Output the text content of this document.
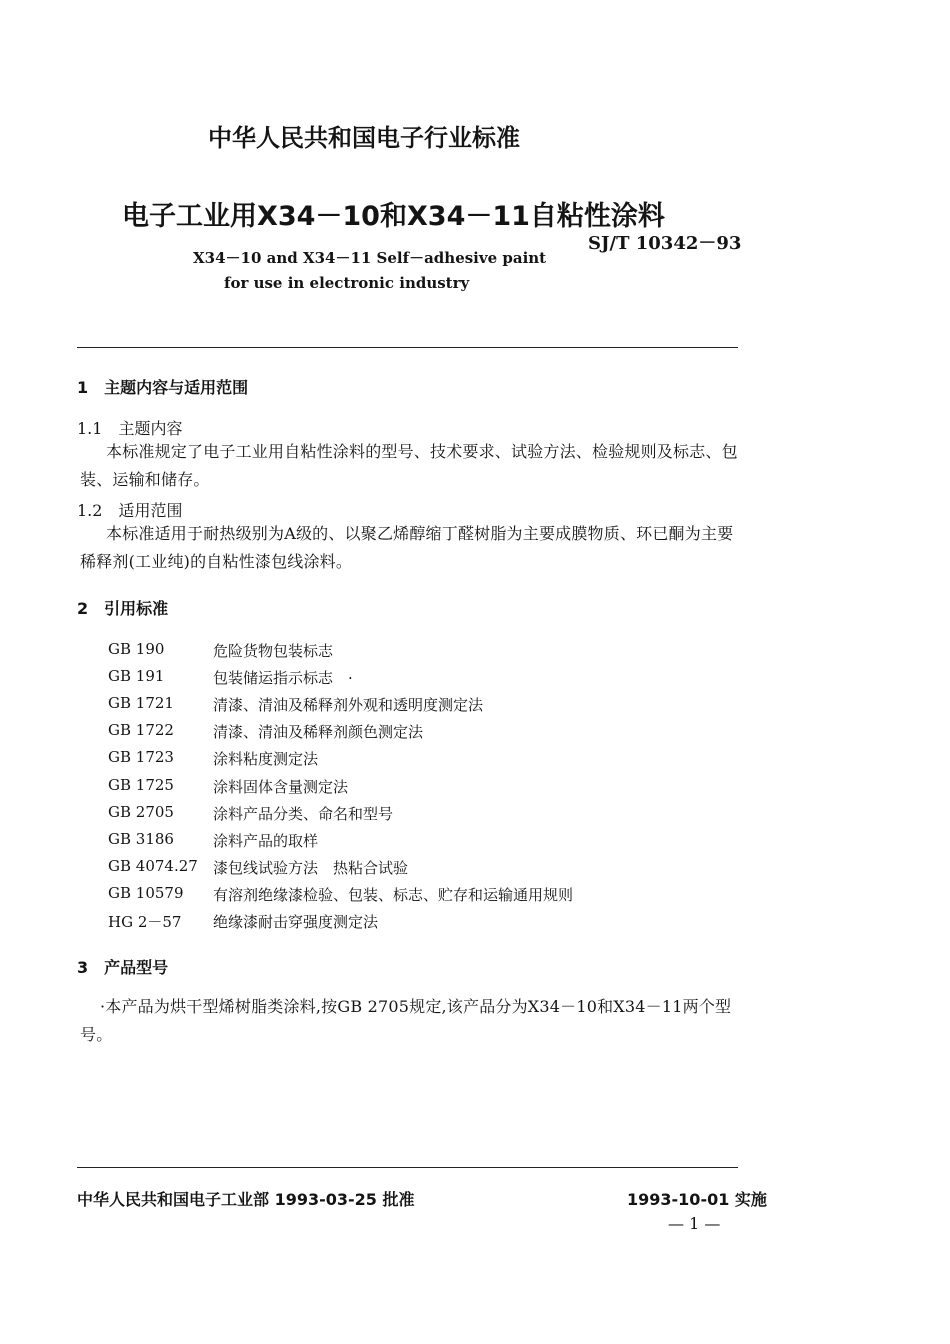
中华人民共和国电子行业标准
电子工业用X34－10和X34－11自粘性涂料
SJ/T 10342－93
X34－10 and X34－11 Self－adhesive paint
for use in electronic industry
1　主题内容与适用范围
1.1　主题内容
本标准规定了电子工业用自粘性涂料的型号、技术要求、试验方法、检验规则及标志、包装、运输和储存。
1.2　适用范围
本标准适用于耐热级别为A级的、以聚乙烯醇缩丁醛树脂为主要成膜物质、环已酮为主要稀释剂(工业纯)的自粘性漆包线涂料。
2　引用标准
GB 190	危险货物包装标志
GB 191	包装储运指示标志　·
GB 1721	清漆、清油及稀释剂外观和透明度测定法
GB 1722	清漆、清油及稀释剂颜色测定法
GB 1723	涂料粘度测定法
GB 1725	涂料固体含量测定法
GB 2705	涂料产品分类、命名和型号
GB 3186	涂料产品的取样
GB 4074.27 漆包线试验方法　热粘合试验
GB 10579 有溶剂绝缘漆检验、包装、标志、贮存和运输通用规则
HG 2－57 绝缘漆耐击穿强度测定法
3　产品型号
·本产品为烘干型烯树脂类涂料,按GB 2705规定,该产品分为X34－10和X34－11两个型号。
中华人民共和国电子工业部 1993-03-25 批准	1993-10-01 实施
— 1 —
